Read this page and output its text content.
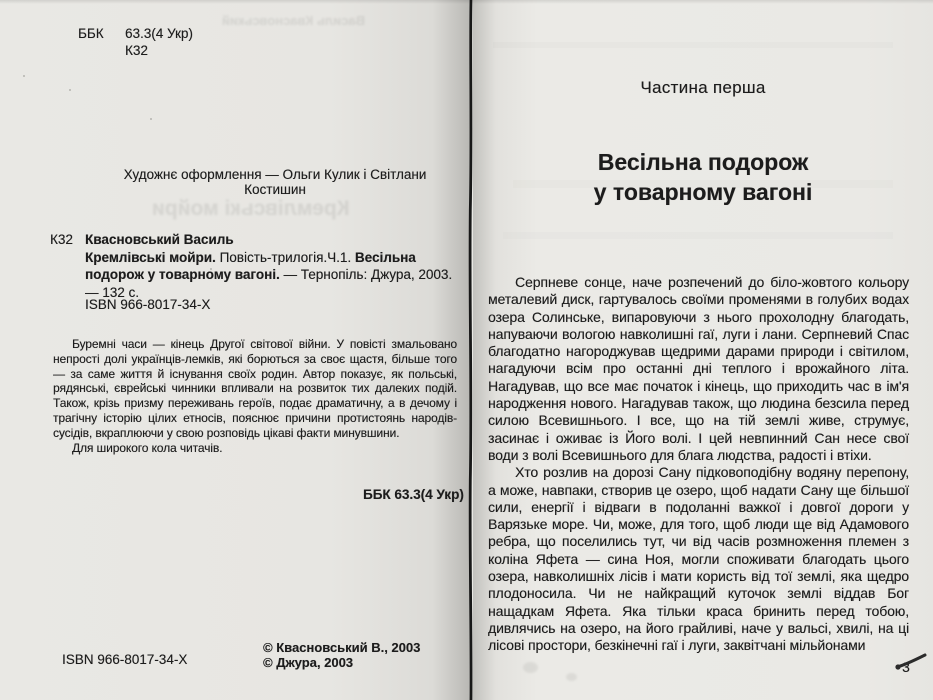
Василь Квасновський
Кремлівські мойри
ББК	63.3(4 Укр)
К32
Художнє оформлення — Ольги Кулик і Світлани Костишин
К32 Квасновський Василь
Кремлівські мойри. Повість-трилогія.Ч.1. Весільна подорож у товарному вагоні. — Тернопіль: Джура, 2003. — 132 с.
ISBN 966-8017-34-X

Буремні часи — кінець Другої світової війни. У повісті змальовано непрості долі українців-лемків, які борються за своє щастя, більше того — за саме життя й існування своїх родин. Автор показує, як польські, рядянські, єврейські чинники впливали на розвиток тих далеких подій. Також, крізь призму переживань героїв, подає драматичну, а в дечому і трагічну історію цілих етносів, пояснює причини протистоянь народів-сусідів, вкраплюючи у свою розповідь цікаві факти минувшини.

Для широкого кола читачів.

ББК 63.3(4 Укр)
ISBN 966-8017-34-X
© Квасновський В., 2003
© Джура, 2003
Частина перша
Весільна подорож
у товарному вагоні

Серпневе сонце, наче розпечений до біло-жовтого кольору металевий диск, гартувалось своїми променями в голубих водах озера Солинське, випаровуючи з нього прохолодну благодать, напуваючи вологою навколишні гаї, луги і лани. Серпневий Спас благодатно нагороджував щедрими дарами природи і світилом, нагадуючи всім про останні дні теплого і врожайного літа. Нагадував, що все має початок і кінець, що приходить час в ім'я народження нового. Нагадував також, що людина безсила перед силою Всевишнього. І все, що на тій землі живе, струмує, засинає і оживає із Його волі. І цей невпинний Сан несе свої води з волі Всевишнього для блага людства, радості і втіхи.

Хто розлив на дорозі Сану підковоподібну водяну перепону, а може, навпаки, створив це озеро, щоб надати Сану ще більшої сили, енергії і відваги в подоланні важкої і довгої дороги у Варязьке море. Чи, може, для того, щоб люди ще від Адамового ребра, що поселились тут, чи від часів розмноження племен з коліна Яфета — сина Ноя, могли споживати благодать цього озера, навколишніх лісів і мати користь від тої землі, яка щедро плодоносила. Чи не найкращий куточок землі віддав Бог нащадкам Яфета. Яка тільки краса бринить перед тобою, дивлячись на озеро, на його грайливі, наче у вальсі, хвилі, на ці лісові простори, безкінечні гаї і луги, заквітчані мільйонами

3
